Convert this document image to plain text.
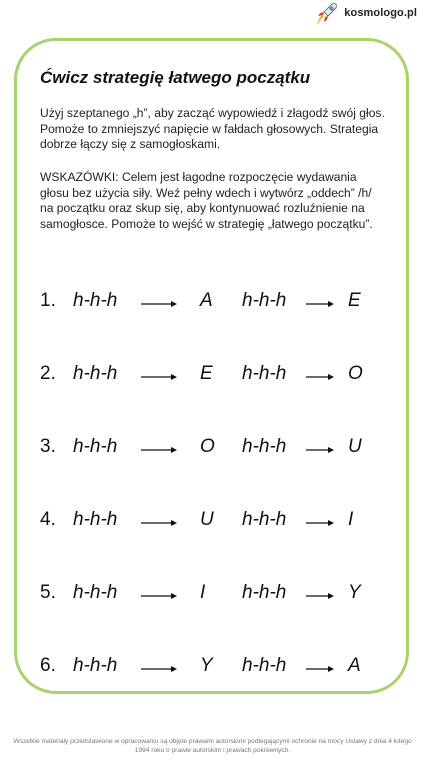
kosmologo.pl
Ćwicz strategię łatwego początku

Użyj szeptanego „h”, aby zacząć wypowiedź i złagodź swój głos. Pomoże to zmniejszyć napięcie w fałdach głosowych. Strategia dobrze łączy się z samogłoskami.

WSKAZÓWKI: Celem jest łagodne rozpoczęcie wydawania głosu bez użycia siły. Weź pełny wdech i wytwórz „oddech” /h/ na początku oraz skup się, aby kontynuować rozluźnienie na samogłosce. Pomoże to wejść w strategię „łatwego początku”.

1. h-h-h	A h-h-h	E
2. h-h-h	E h-h-h	O
3. h-h-h	O h-h-h	U
4. h-h-h	U h-h-h	I
5. h-h-h	I h-h-h	Y
6. h-h-h	Y h-h-h	A
Wszelkie materiały przedstawione w opracowaniu są objęte prawami autorskimi podlegającymi ochronie na mocy Ustawy z dnia 4 lutego 1994 roku o prawie autorskim i prawach pokrewnych.
